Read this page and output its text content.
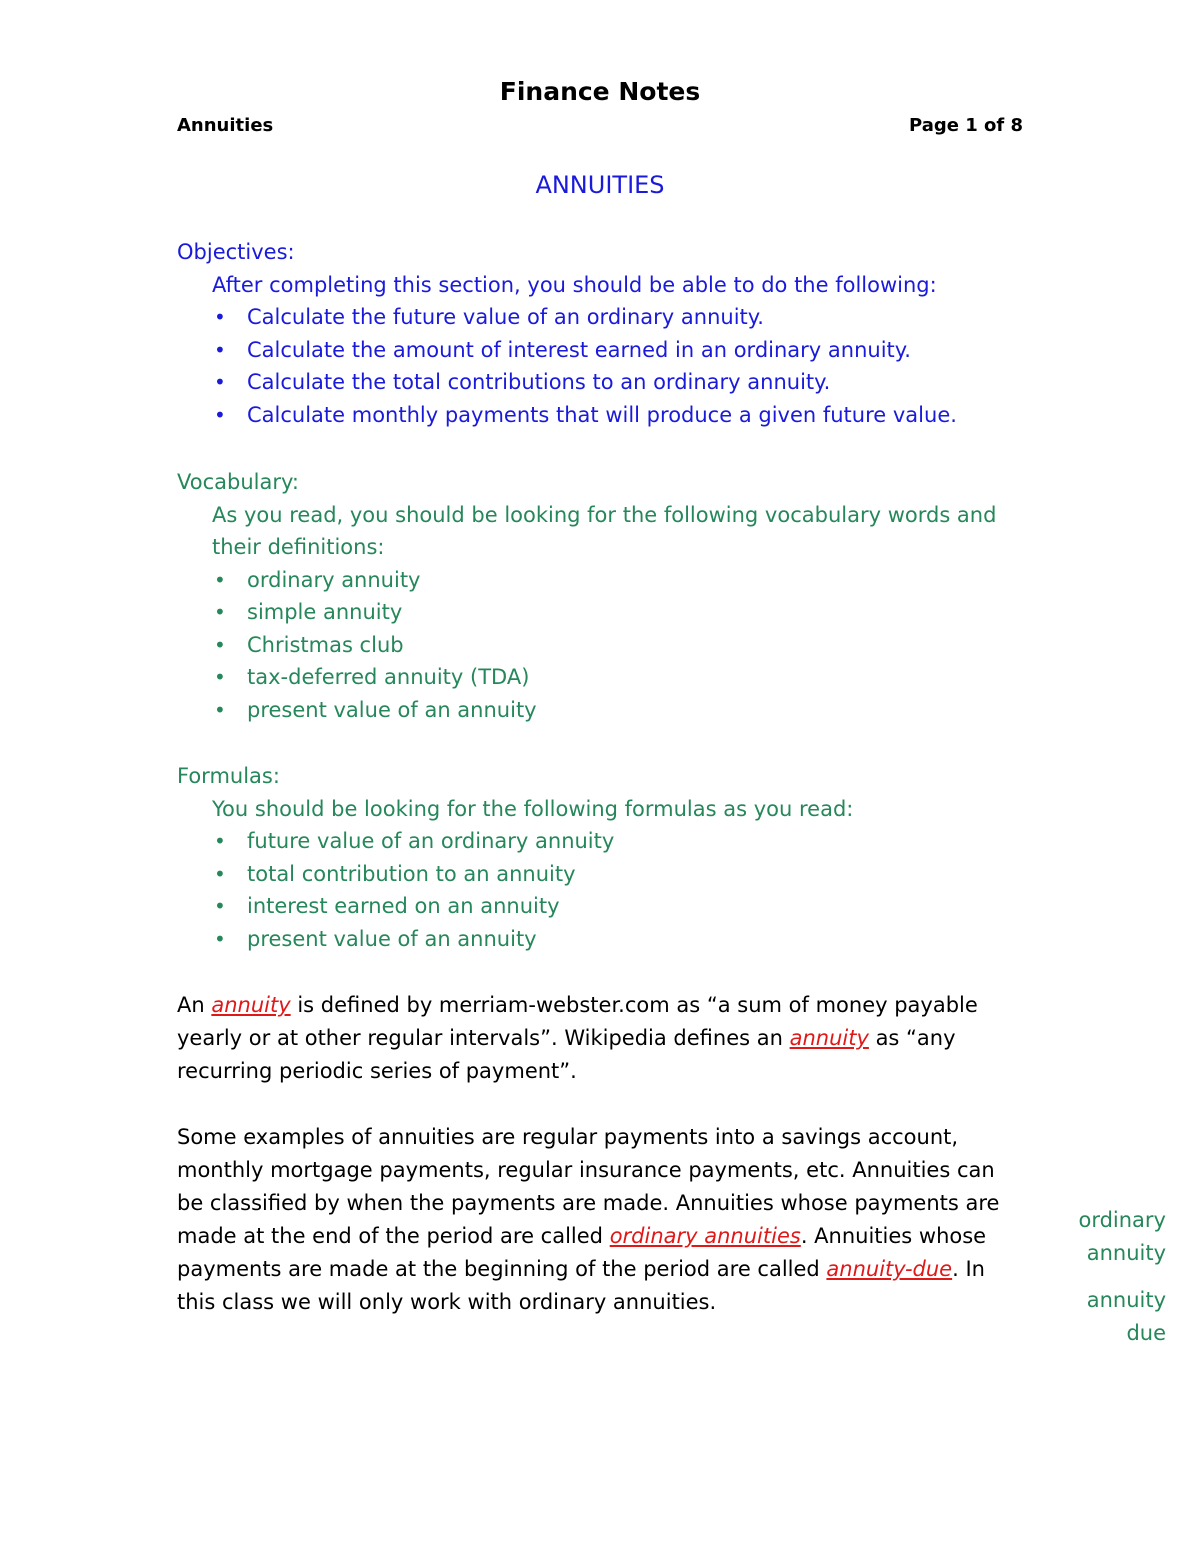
Finance Notes
Annuities	Page 1 of 8
ANNUITIES

Objectives:

After completing this section, you should be able to do the following:

• Calculate the future value of an ordinary annuity.
• Calculate the amount of interest earned in an ordinary annuity.
• Calculate the total contributions to an ordinary annuity.
• Calculate monthly payments that will produce a given future value.

Vocabulary:

As you read, you should be looking for the following vocabulary words and their definitions:

• ordinary annuity
• simple annuity
• Christmas club
• tax-deferred annuity (TDA)
• present value of an annuity

Formulas:

You should be looking for the following formulas as you read:

• future value of an ordinary annuity
• total contribution to an annuity
• interest earned on an annuity
• present value of an annuity

An annuity is defined by merriam-webster.com as “a sum of money payable yearly or at other regular intervals”. Wikipedia defines an annuity as “any recurring periodic series of payment”.

Some examples of annuities are regular payments into a savings account, monthly mortgage payments, regular insurance payments, etc. Annuities can be classified by when the payments are made. Annuities whose payments are made at the end of the period are called ordinary annuities. Annuities whose payments are made at the beginning of the period are called annuity-due. In this class we will only work with ordinary annuities.

ordinary
annuity
annuity
due
